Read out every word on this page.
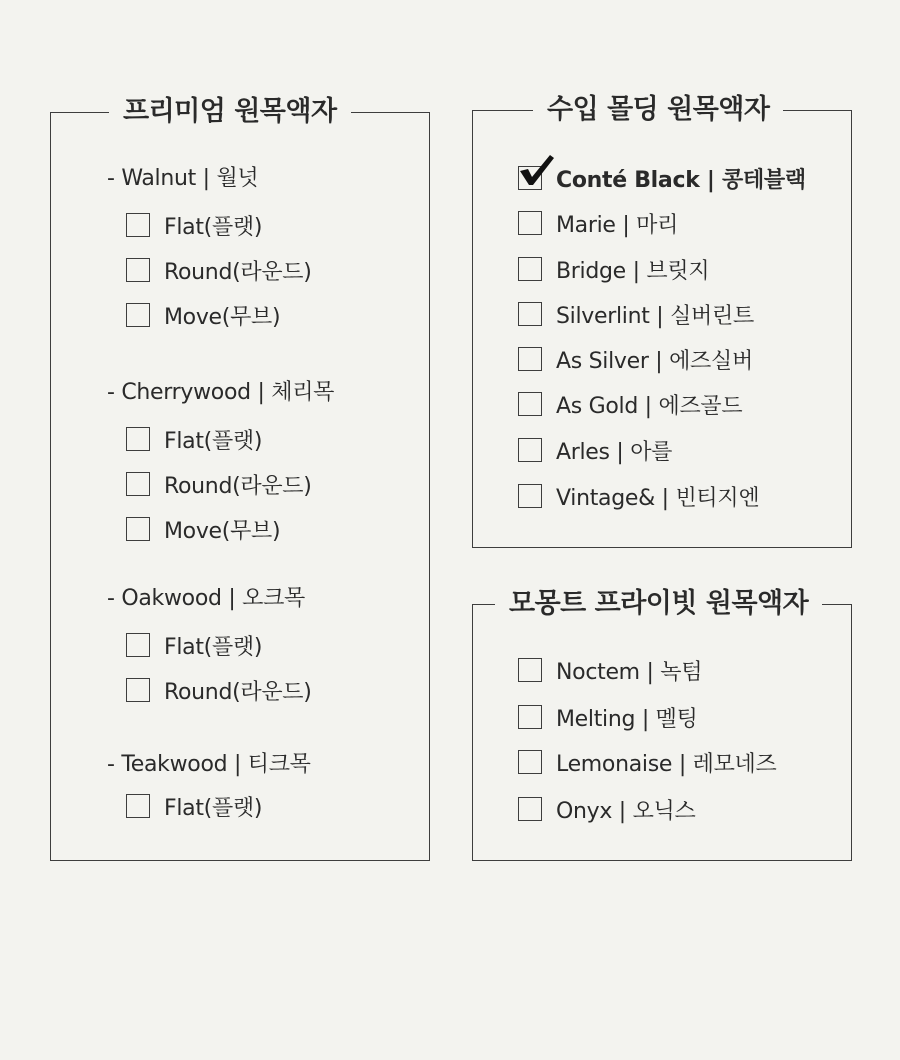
프리미엄 원목액자
- Walnut | 월넛
Flat(플랫)
Round(라운드)
Move(무브)
- Cherrywood | 체리목
Flat(플랫)
Round(라운드)
Move(무브)
- Oakwood | 오크목
Flat(플랫)
Round(라운드)
- Teakwood | 티크목
Flat(플랫)
수입 몰딩 원목액자
Conté Black | 콩테블랙
Marie | 마리
Bridge | 브릿지
Silverlint | 실버린트
As Silver | 에즈실버
As Gold | 에즈골드
Arles | 아를
Vintage& | 빈티지엔
모몽트 프라이빗 원목액자
Noctem | 녹텀
Melting | 멜팅
Lemonaise | 레모네즈
Onyx | 오닉스
